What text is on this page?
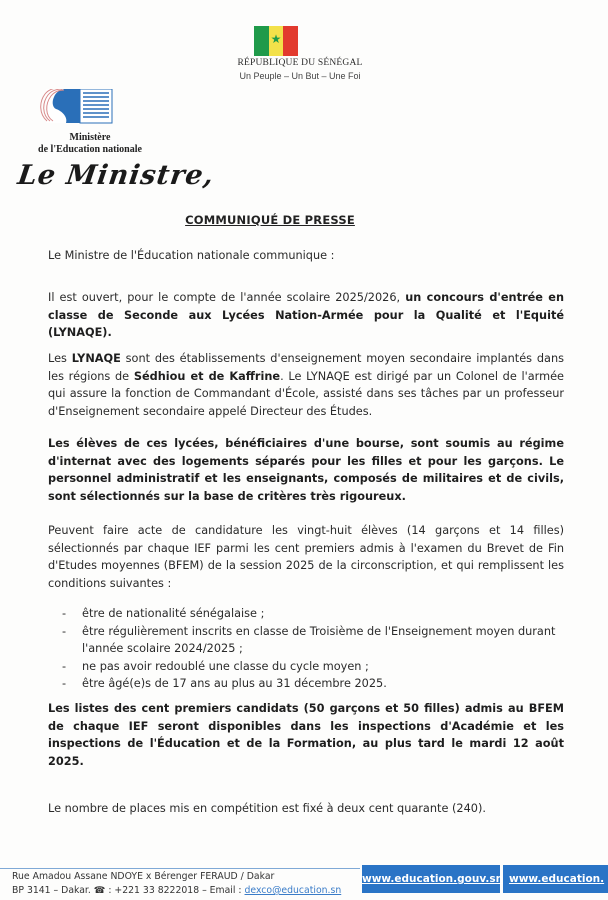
★
RÉPUBLIQUE DU SÉNÉGAL
Un Peuple – Un But – Une Foi
Ministère
de l'Education nationale
Le Ministre,
COMMUNIQUÉ DE PRESSE
Le Ministre de l'Éducation nationale communique :
Il est ouvert, pour le compte de l'année scolaire 2025/2026, un concours d'entrée en classe de Seconde aux Lycées Nation-Armée pour la Qualité et l'Equité (LYNAQE).
Les LYNAQE sont des établissements d'enseignement moyen secondaire implantés dans les régions de Sédhiou et de Kaffrine. Le LYNAQE est dirigé par un Colonel de l'armée qui assure la fonction de Commandant d'École, assisté dans ses tâches par un professeur d'Enseignement secondaire appelé Directeur des Études.
Les élèves de ces lycées, bénéficiaires d'une bourse, sont soumis au régime d'internat avec des logements séparés pour les filles et pour les garçons. Le personnel administratif et les enseignants, composés de militaires et de civils, sont sélectionnés sur la base de critères très rigoureux.
Peuvent faire acte de candidature les vingt-huit élèves (14 garçons et 14 filles) sélectionnés par chaque IEF parmi les cent premiers admis à l'examen du Brevet de Fin d'Etudes moyennes (BFEM) de la session 2025 de la circonscription, et qui remplissent les conditions suivantes :
- être de nationalité sénégalaise ;
- être régulièrement inscrits en classe de Troisième de l'Enseignement moyen durant l'année scolaire 2024/2025 ;
- ne pas avoir redoublé une classe du cycle moyen ;
- être âgé(e)s de 17 ans au plus au 31 décembre 2025.
Les listes des cent premiers candidats (50 garçons et 50 filles) admis au BFEM de chaque IEF seront disponibles dans les inspections d'Académie et les inspections de l'Éducation et de la Formation, au plus tard le mardi 12 août 2025.
Le nombre de places mis en compétition est fixé à deux cent quarante (240).
Rue Amadou Assane NDOYE x Bérenger FERAUD / Dakar
BP 3141 – Dakar. ☎ : +221 33 8222018 – Email : dexco@education.sn
www.education.gouv.sn www.education.
